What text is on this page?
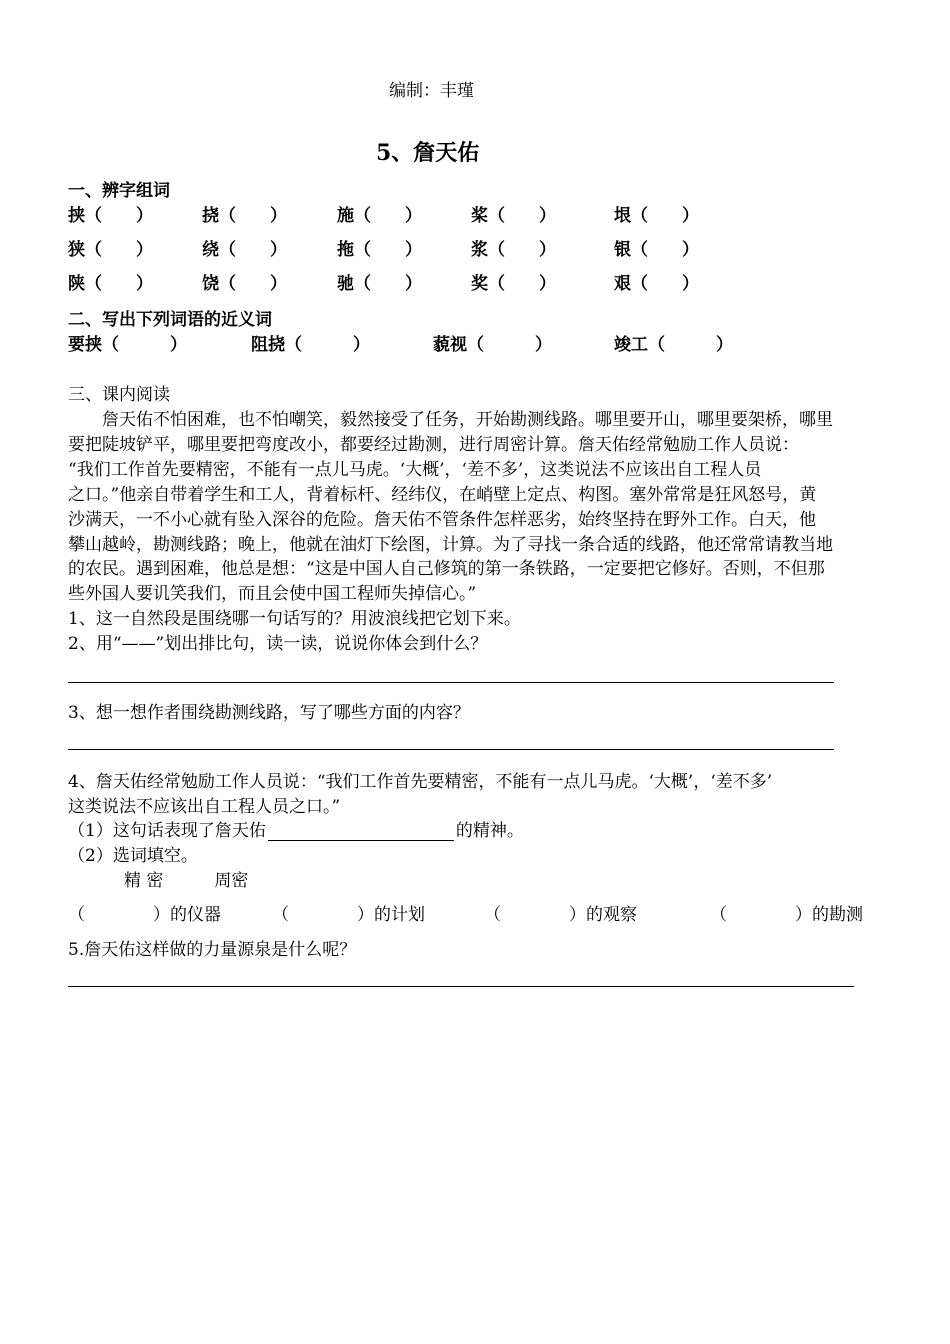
编制：丰瑾
5、詹天佑
一、辨字组词
挟（　　）	挠（　　）	施（　　）	桨（　　）	垠（　　）
狭（　　）	绕（　　）	拖（　　）	浆（　　）	银（　　）
陕（　　）	饶（　　）	驰（　　）	奖（　　）	艰（　　）
二、写出下列词语的近义词
要挟（　　　）	阻挠（　　　）	藐视（　　　）	竣工（　　　）
三、课内阅读
　　詹天佑不怕困难，也不怕嘲笑，毅然接受了任务，开始勘测线路。哪里要开山，哪里要架桥，哪里
要把陡坡铲平，哪里要把弯度改小，都要经过勘测，进行周密计算。詹天佑经常勉励工作人员说：
“我们工作首先要精密，不能有一点儿马虎。‘大概’，‘差不多’，这类说法不应该出自工程人员
之口。”他亲自带着学生和工人，背着标杆、经纬仪，在峭壁上定点、构图。塞外常常是狂风怒号，黄
沙满天，一不小心就有坠入深谷的危险。詹天佑不管条件怎样恶劣，始终坚持在野外工作。白天，他
攀山越岭，勘测线路；晚上，他就在油灯下绘图，计算。为了寻找一条合适的线路，他还常常请教当地
的农民。遇到困难，他总是想：“这是中国人自己修筑的第一条铁路，一定要把它修好。否则，不但那
些外国人要讥笑我们，而且会使中国工程师失掉信心。”
1、这一自然段是围绕哪一句话写的？用波浪线把它划下来。
2、用“——”划出排比句，读一读，说说你体会到什么？
3、想一想作者围绕勘测线路，写了哪些方面的内容？
4、詹天佑经常勉励工作人员说：“我们工作首先要精密，不能有一点儿马虎。‘大概’，‘差不多’
这类说法不应该出自工程人员之口。”
（1）这句话表现了詹天佑	的精神。
（2）选词填空。
精 密　　　周密
（　　　　）的仪器	（　　　　）的计划	（　　　　）的观察	（　　　　）的勘测
5.詹天佑这样做的力量源泉是什么呢？
